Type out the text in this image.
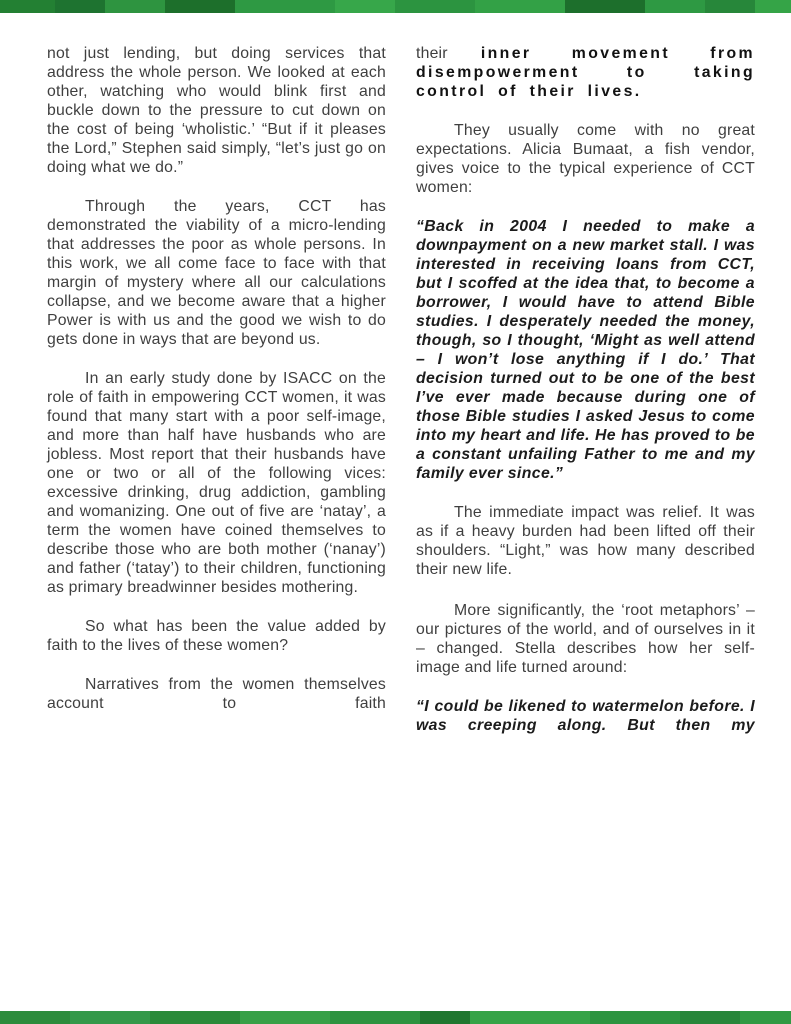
not just lending, but doing services that address the whole person. We looked at each other, watching who would blink first and buckle down to the pressure to cut down on the cost of being ‘wholistic.’ “But if it pleases the Lord,” Stephen said simply, “let’s just go on doing what we do.”

Through the years, CCT has demonstrated the viability of a micro-lending that addresses the poor as whole persons. In this work, we all come face to face with that margin of mystery where all our calculations collapse, and we become aware that a higher Power is with us and the good we wish to do gets done in ways that are beyond us.

In an early study done by ISACC on the role of faith in empowering CCT women, it was found that many start with a poor self-image, and more than half have husbands who are jobless. Most report that their husbands have one or two or all of the following vices: excessive drinking, drug addiction, gambling and womanizing. One out of five are ‘natay’, a term the women have coined themselves to describe those who are both mother (‘nanay’) and father (‘tatay’) to their children, functioning as primary breadwinner besides mothering.

So what has been the value added by faith to the lives of these women?

Narratives from the women themselves account to faith

their inner movement from disempowerment to taking control of their lives.

They usually come with no great expectations. Alicia Bumaat, a fish vendor, gives voice to the typical experience of CCT women:

“Back in 2004 I needed to make a downpayment on a new market stall. I was interested in receiving loans from CCT, but I scoffed at the idea that, to become a borrower, I would have to attend Bible studies. I desperately needed the money, though, so I thought, ‘Might as well attend – I won’t lose anything if I do.’ That decision turned out to be one of the best I’ve ever made because during one of those Bible studies I asked Jesus to come into my heart and life. He has proved to be a constant unfailing Father to me and my family ever since.”

The immediate impact was relief. It was as if a heavy burden had been lifted off their shoulders. “Light,” was how many described their new life.

More significantly, the ‘root metaphors’ – our pictures of the world, and of ourselves in it – changed. Stella describes how her self-image and life turned around:

“I could be likened to watermelon before. I was creeping along. But then my
